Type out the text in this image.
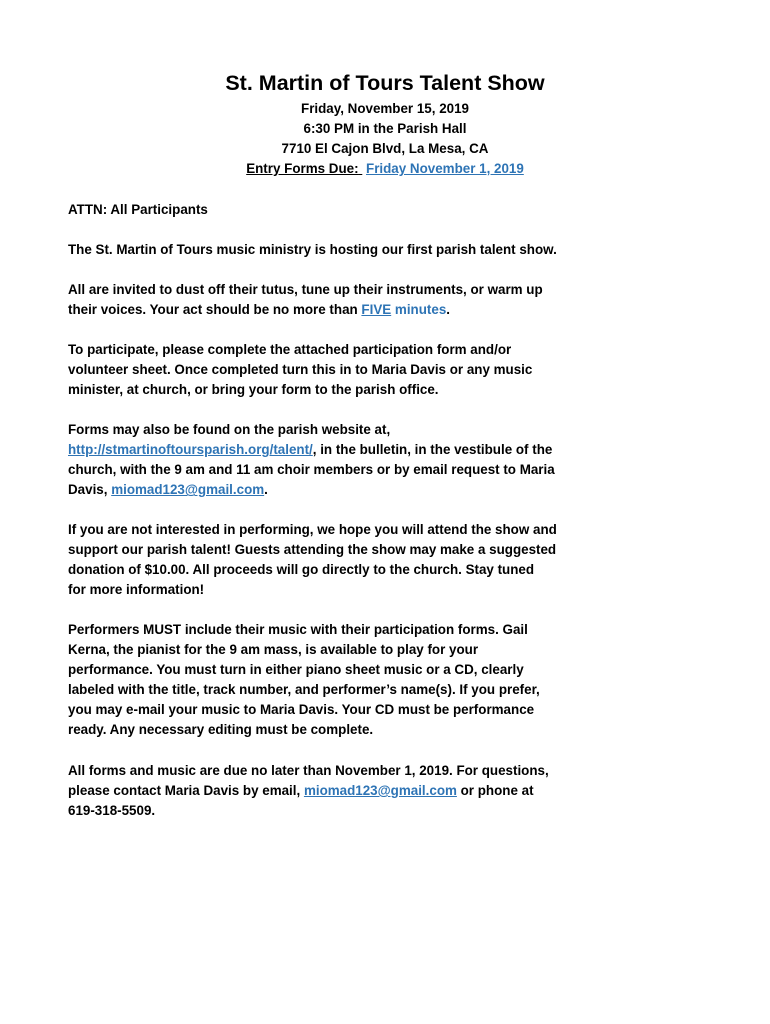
St. Martin of Tours Talent Show

Friday, November 15, 2019

6:30 PM in the Parish Hall

7710 El Cajon Blvd, La Mesa, CA

Entry Forms Due: Friday November 1, 2019

ATTN: All Participants

The St. Martin of Tours music ministry is hosting our first parish talent show.

All are invited to dust off their tutus, tune up their instruments, or warm up
their voices. Your act should be no more than FIVE minutes.
To participate, please complete the attached participation form and/or
volunteer sheet. Once completed turn this in to Maria Davis or any music
minister, at church, or bring your form to the parish office.
Forms may also be found on the parish website at,
http://stmartinoftoursparish.org/talent/, in the bulletin, in the vestibule of the
church, with the 9 am and 11 am choir members or by email request to Maria
Davis, miomad123@gmail.com.
If you are not interested in performing, we hope you will attend the show and
support our parish talent! Guests attending the show may make a suggested
donation of $10.00. All proceeds will go directly to the church. Stay tuned
for more information!
Performers MUST include their music with their participation forms. Gail
Kerna, the pianist for the 9 am mass, is available to play for your
performance. You must turn in either piano sheet music or a CD, clearly
labeled with the title, track number, and performer’s name(s). If you prefer,
you may e-mail your music to Maria Davis. Your CD must be performance
ready. Any necessary editing must be complete.
All forms and music are due no later than November 1, 2019. For questions,
please contact Maria Davis by email, miomad123@gmail.com or phone at
619-318-5509.
